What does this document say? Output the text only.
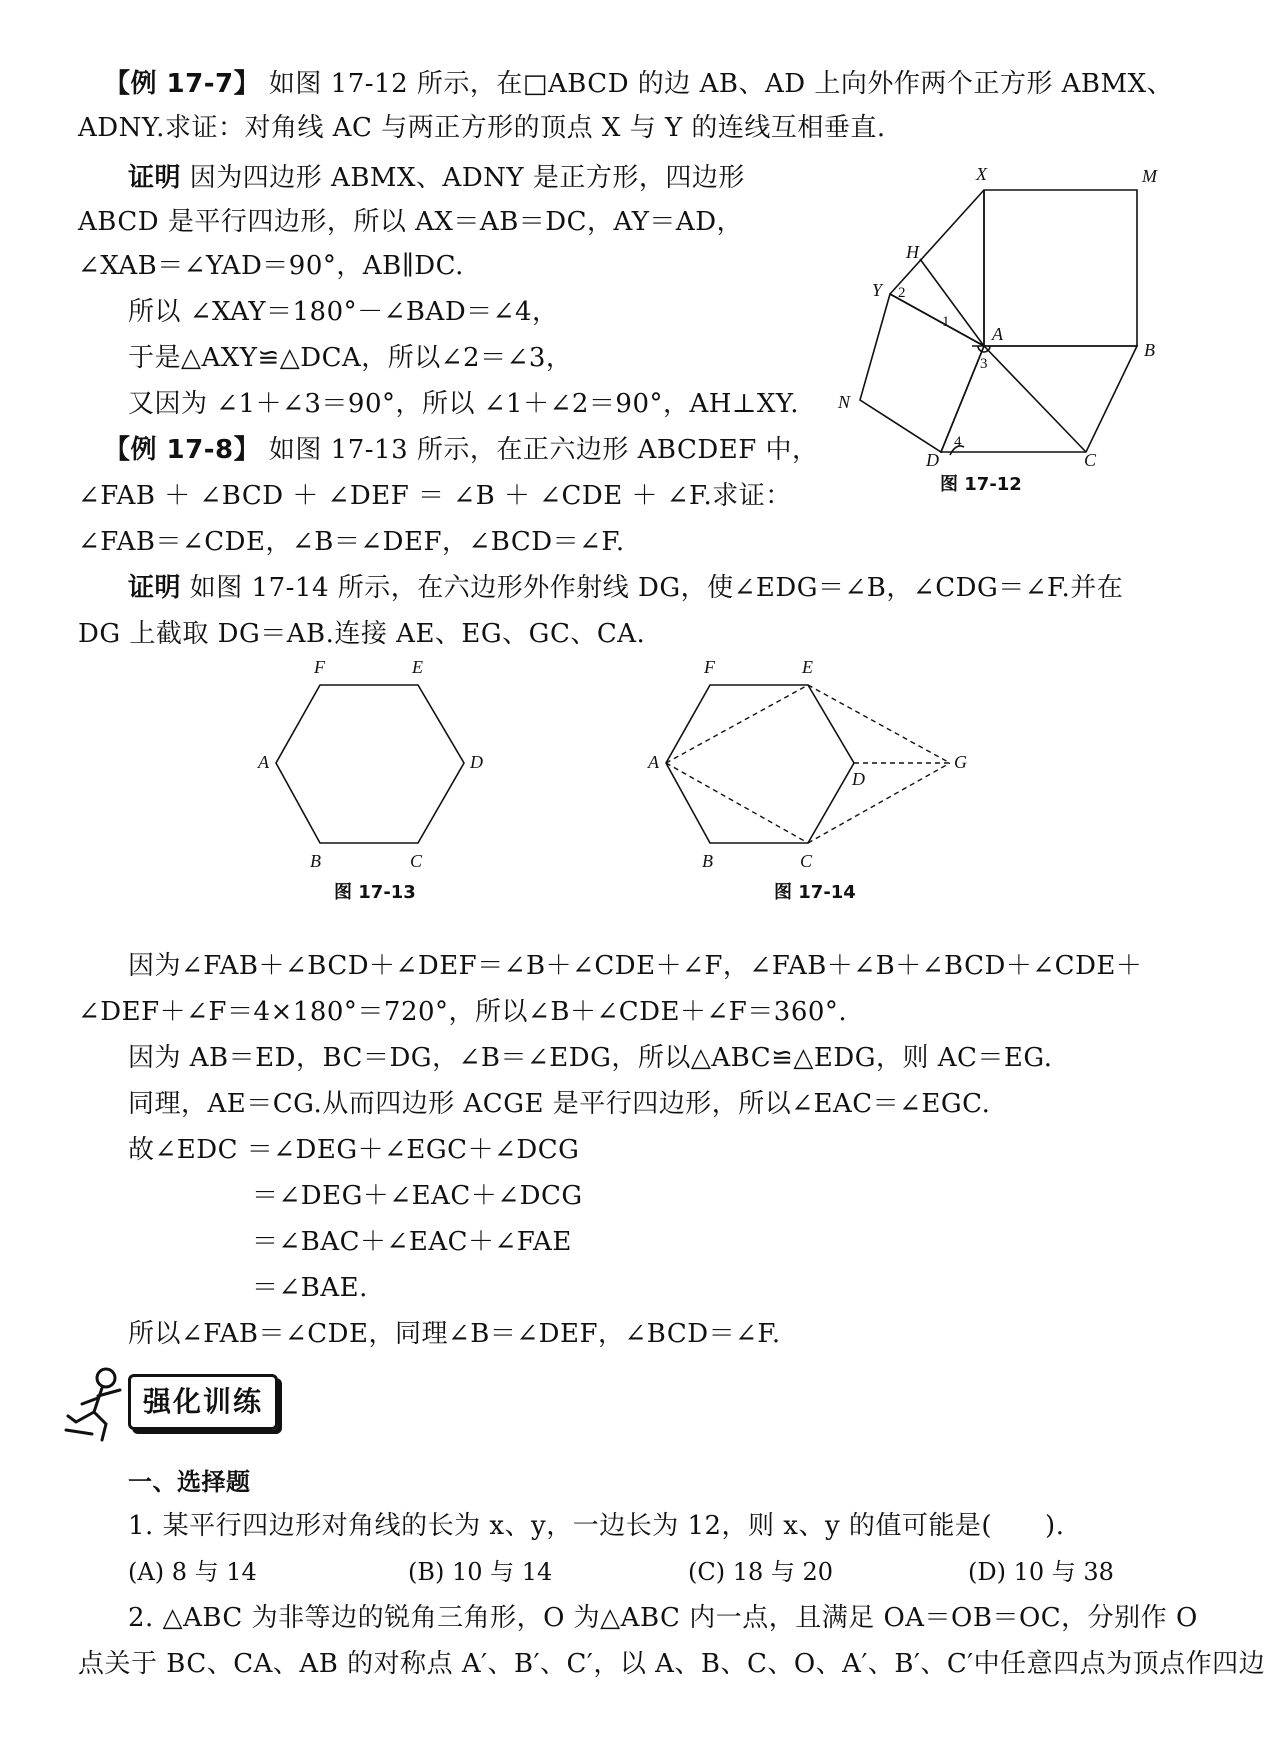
【例 17-7】 如图 17-12 所示，在□ABCD 的边 AB、AD 上向外作两个正方形 ABMX、
ADNY.求证：对角线 AC 与两正方形的顶点 X 与 Y 的连线互相垂直.
证明 因为四边形 ABMX、ADNY 是正方形，四边形
ABCD 是平行四边形，所以 AX＝AB＝DC，AY＝AD，
∠XAB＝∠YAD＝90°，AB∥DC.
所以 ∠XAY＝180°－∠BAD＝∠4，
于是△AXY≌△DCA，所以∠2＝∠3，
又因为 ∠1＋∠3＝90°，所以 ∠1＋∠2＝90°，AH⊥XY.
【例 17-8】 如图 17-13 所示，在正六边形 ABCDEF 中，
∠FAB ＋ ∠BCD ＋ ∠DEF ＝ ∠B ＋ ∠CDE ＋ ∠F.求证：
∠FAB＝∠CDE，∠B＝∠DEF，∠BCD＝∠F.
证明 如图 17-14 所示，在六边形外作射线 DG，使∠EDG＝∠B，∠CDG＝∠F.并在
DG 上截取 DG＝AB.连接 AE、EG、GC、CA.
X	M
H
Y
A
B
N
D	C
1
2
3
4
图 17-12
F	E
A	D
B	C
图 17-13
F	E
A
D
G
B	C
图 17-14
因为∠FAB＋∠BCD＋∠DEF＝∠B＋∠CDE＋∠F，∠FAB＋∠B＋∠BCD＋∠CDE＋
∠DEF＋∠F＝4×180°＝720°，所以∠B＋∠CDE＋∠F＝360°.
因为 AB＝ED，BC＝DG，∠B＝∠EDG，所以△ABC≌△EDG，则 AC＝EG.
同理，AE＝CG.从而四边形 ACGE 是平行四边形，所以∠EAC＝∠EGC.
故∠EDC ＝∠DEG＋∠EGC＋∠DCG
＝∠DEG＋∠EAC＋∠DCG
＝∠BAC＋∠EAC＋∠FAE
＝∠BAE.
所以∠FAB＝∠CDE，同理∠B＝∠DEF，∠BCD＝∠F.
强化训练
一、选择题
1. 某平行四边形对角线的长为 x、y，一边长为 12，则 x、y 的值可能是(　　).
(A) 8 与 14	(B) 10 与 14	(C) 18 与 20	(D) 10 与 38
2. △ABC 为非等边的锐角三角形，O 为△ABC 内一点，且满足 OA＝OB＝OC，分别作 O
点关于 BC、CA、AB 的对称点 A′、B′、C′，以 A、B、C、O、A′、B′、C′中任意四点为顶点作四边
